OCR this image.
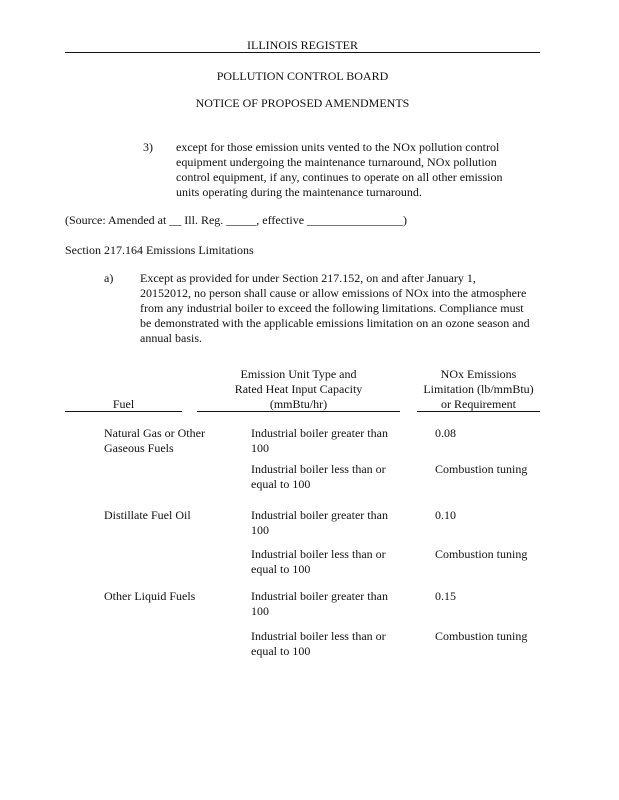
ILLINOIS REGISTER
POLLUTION CONTROL BOARD
NOTICE OF PROPOSED AMENDMENTS
3) except for those emission units vented to the NOx pollution control
equipment undergoing the maintenance turnaround, NOx pollution
control equipment, if any, continues to operate on all other emission
units operating during the maintenance turnaround.
(Source: Amended at __ Ill. Reg. _____, effective ________________)
Section 217.164 Emissions Limitations
a) Except as provided for under Section 217.152, on and after January 1,
20152012, no person shall cause or allow emissions of NOx into the atmosphere
from any industrial boiler to exceed the following limitations. Compliance must
be demonstrated with the applicable emissions limitation on an ozone season and
annual basis.
Emission Unit Type and
Rated Heat Input Capacity
(mmBtu/hr)
NOx Emissions
Limitation (lb/mmBtu)
or Requirement
Fuel
Natural Gas or Other
Gaseous Fuels
Industrial boiler greater than
100
0.08
Industrial boiler less than or
equal to 100
Combustion tuning
Distillate Fuel Oil	Industrial boiler greater than
100
0.10
Industrial boiler less than or
equal to 100
Combustion tuning
Other Liquid Fuels	Industrial boiler greater than
100
0.15
Industrial boiler less than or
equal to 100
Combustion tuning
